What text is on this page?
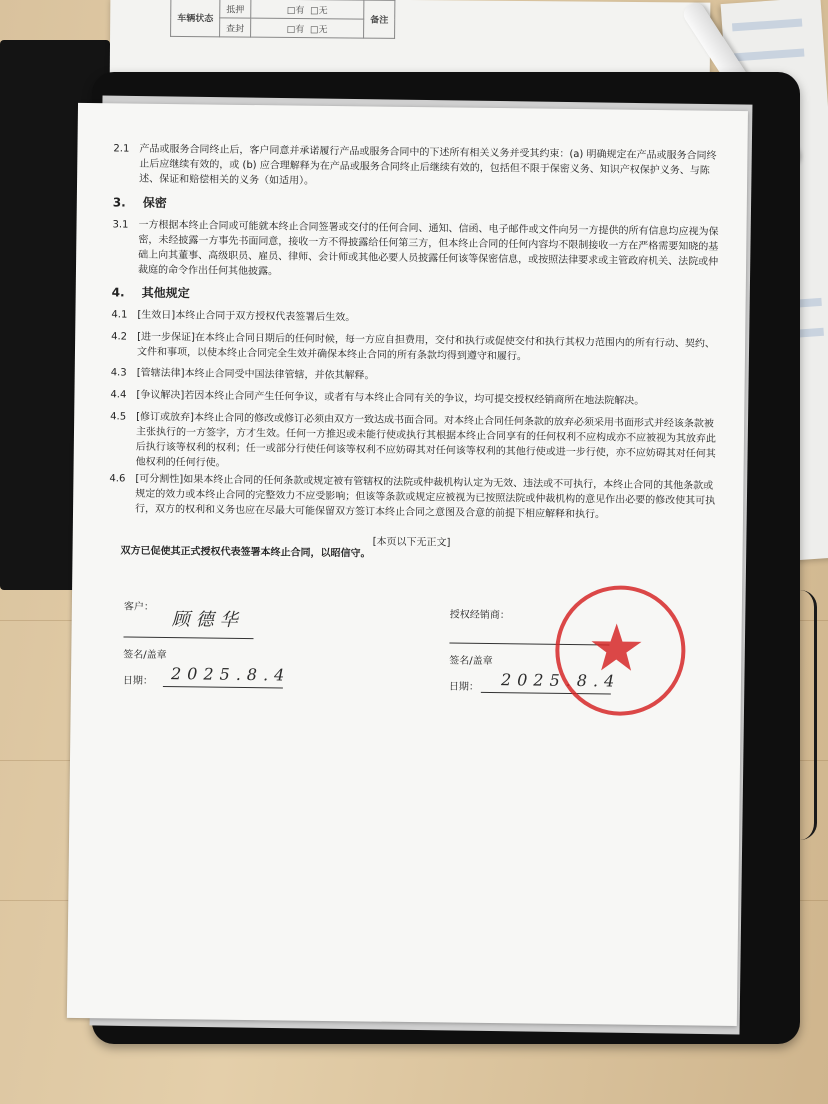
车辆状态	抵押	□有 □无	备注
	查封	□有 □无	
2.1 产品或服务合同终止后，客户同意并承诺履行产品或服务合同中的下述所有相关义务并受其约束：(a) 明确规定在产品或服务合同终止后应继续有效的，或 (b) 应合理解释为在产品或服务合同终止后继续有效的，包括但不限于保密义务、知识产权保护义务、与陈述、保证和赔偿相关的义务（如适用）。
3. 保密
3.1 一方根据本终止合同或可能就本终止合同签署或交付的任何合同、通知、信函、电子邮件或文件向另一方提供的所有信息均应视为保密，未经披露一方事先书面同意，接收一方不得披露给任何第三方，但本终止合同的任何内容均不限制接收一方在严格需要知晓的基础上向其董事、高级职员、雇员、律师、会计师或其他必要人员披露任何该等保密信息，或按照法律要求或主管政府机关、法院或仲裁庭的命令作出任何其他披露。
4. 其他规定
4.1 [生效日]本终止合同于双方授权代表签署后生效。
4.2 [进一步保证]在本终止合同日期后的任何时候，每一方应自担费用，交付和执行或促使交付和执行其权力范围内的所有行动、契约、文件和事项，以使本终止合同完全生效并确保本终止合同的所有条款均得到遵守和履行。
4.3 [管辖法律]本终止合同受中国法律管辖，并依其解释。
4.4 [争议解决]若因本终止合同产生任何争议，或者有与本终止合同有关的争议，均可提交授权经销商所在地法院解决。
4.5 [修订或放弃]本终止合同的修改或修订必须由双方一致达成书面合同。对本终止合同任何条款的放弃必须采用书面形式并经该条款被主张执行的一方签字，方才生效。任何一方推迟或未能行使或执行其根据本终止合同享有的任何权利不应构成亦不应被视为其放弃此后执行该等权利的权利；任一或部分行使任何该等权利不应妨碍其对任何该等权利的其他行使或进一步行使，亦不应妨碍其对任何其他权利的任何行使。
4.6 [可分割性]如果本终止合同的任何条款或规定被有管辖权的法院或仲裁机构认定为无效、违法或不可执行，本终止合同的其他条款或规定的效力或本终止合同的完整效力不应受影响；但该等条款或规定应被视为已按照法院或仲裁机构的意见作出必要的修改使其可执行，双方的权利和义务也应在尽最大可能保留双方签订本终止合同之意图及合意的前提下相应解释和执行。
[本页以下无正文]
双方已促使其正式授权代表签署本终止合同，以昭信守。
客户：
顾德华
签名/盖章
日期： 2025.8.4
授权经销商：
签名/盖章
日期： 2025.8.4
